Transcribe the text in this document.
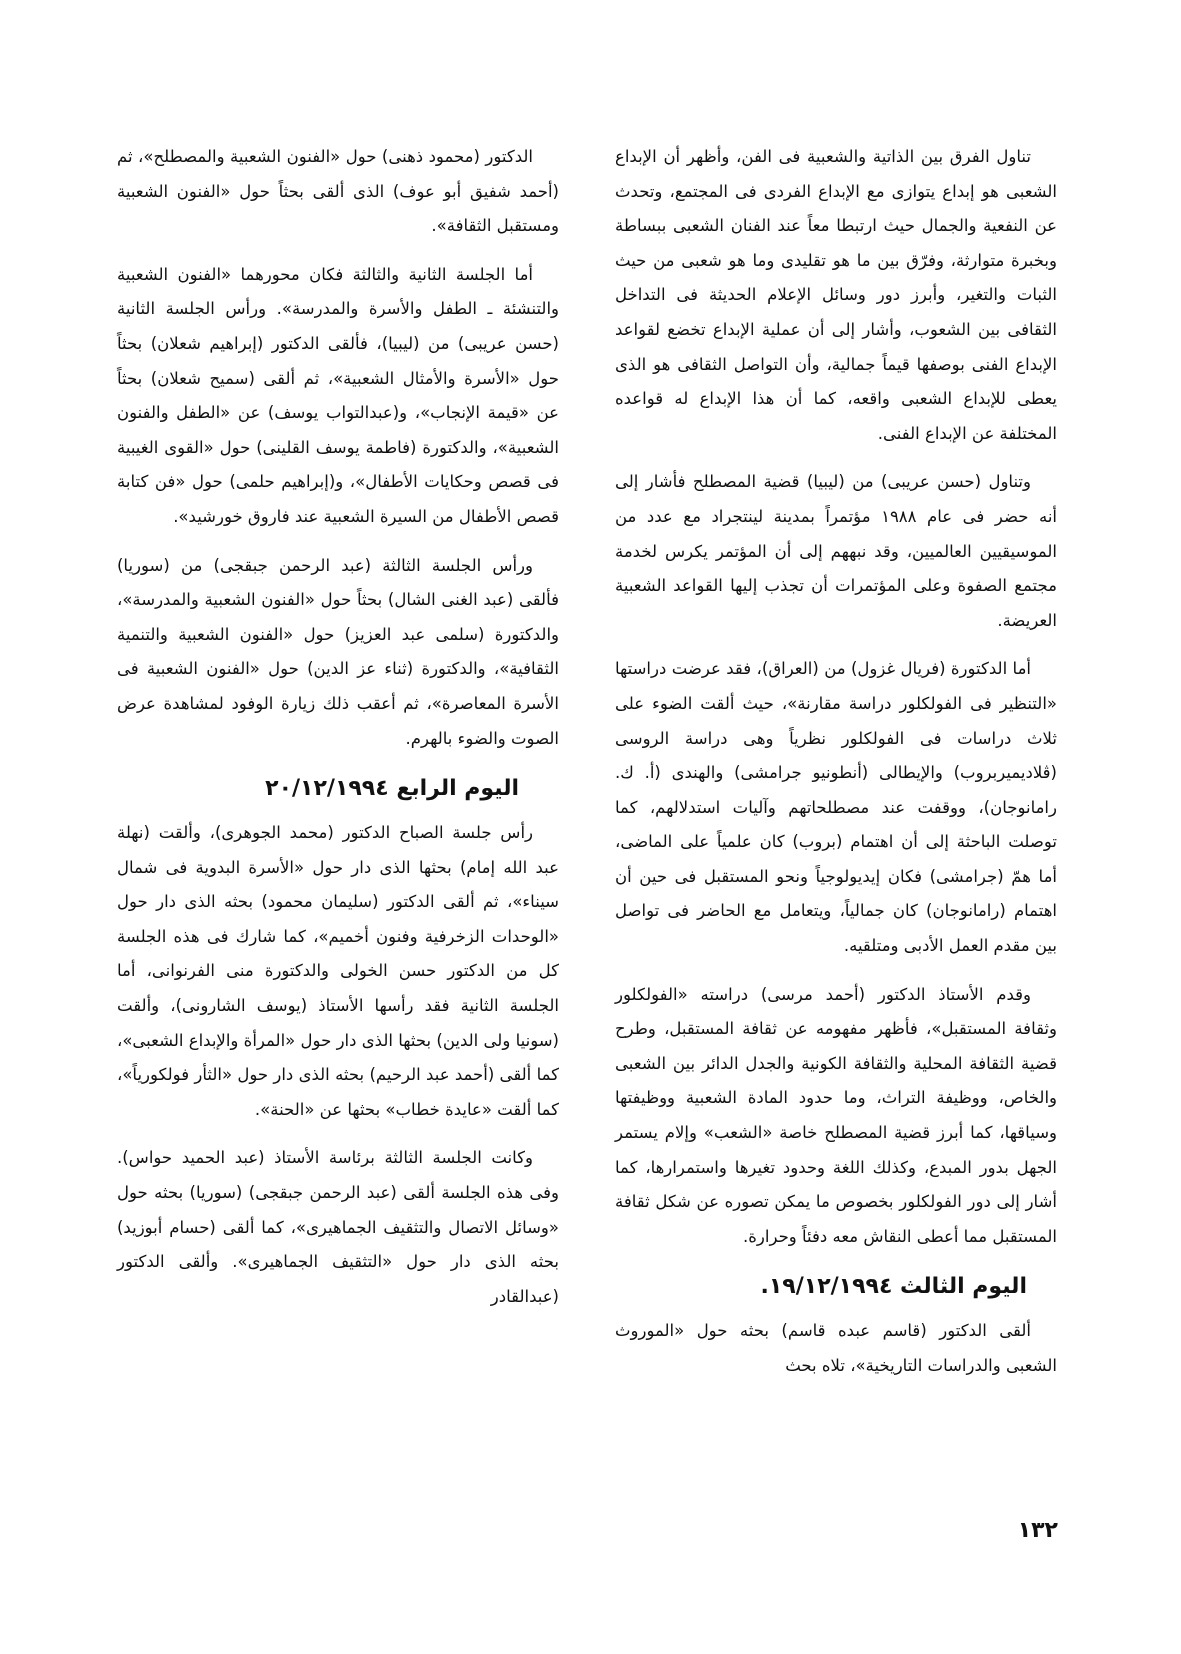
تناول الفرق بين الذاتية والشعبية فى الفن، وأظهر أن الإبداع الشعبى هو إبداع يتوازى مع الإبداع الفردى فى المجتمع، وتحدث عن النفعية والجمال حيث ارتبطا معاً عند الفنان الشعبى ببساطة وبخبرة متوارثة، وفرّق بين ما هو تقليدى وما هو شعبى من حيث الثبات والتغير، وأبرز دور وسائل الإعلام الحديثة فى التداخل الثقافى بين الشعوب، وأشار إلى أن عملية الإبداع تخضع لقواعد الإبداع الفنى بوصفها قيماً جمالية، وأن التواصل الثقافى هو الذى يعطى للإبداع الشعبى واقعه، كما أن هذا الإبداع له قواعده المختلفة عن الإبداع الفنى.

وتناول (حسن عريبى) من (ليبيا) قضية المصطلح فأشار إلى أنه حضر فى عام ١٩٨٨ مؤتمراً بمدينة لينتجراد مع عدد من الموسيقيين العالميين، وقد نبههم إلى أن المؤتمر يكرس لخدمة مجتمع الصفوة وعلى المؤتمرات أن تجذب إليها القواعد الشعبية العريضة.

أما الدكتورة (فريال غزول) من (العراق)، فقد عرضت دراستها «التنظير فى الفولكلور دراسة مقارنة»، حيث ألقت الضوء على ثلاث دراسات فى الفولكلور نظرياً وهى دراسة الروسى (ڤلاديميربروب) والإيطالى (أنطونيو جرامشى) والهندى (أ. ك. رامانوجان)، ووقفت عند مصطلحاتهم وآليات استدلالهم، كما توصلت الباحثة إلى أن اهتمام (بروب) كان علمياً على الماضى، أما همّ (جرامشى) فكان إيديولوجياً ونحو المستقبل فى حين أن اهتمام (رامانوجان) كان جمالياً، ويتعامل مع الحاضر فى تواصل بين مقدم العمل الأدبى ومتلقيه.

وقدم الأستاذ الدكتور (أحمد مرسى) دراسته «الفولكلور وثقافة المستقبل»، فأظهر مفهومه عن ثقافة المستقبل، وطرح قضية الثقافة المحلية والثقافة الكونية والجدل الدائر بين الشعبى والخاص، ووظيفة التراث، وما حدود المادة الشعبية ووظيفتها وسياقها، كما أبرز قضية المصطلح خاصة «الشعب» وإلام يستمر الجهل بدور المبدع، وكذلك اللغة وحدود تغيرها واستمرارها، كما أشار إلى دور الفولكلور بخصوص ما يمكن تصوره عن شكل ثقافة المستقبل مما أعطى النقاش معه دفئاً وحرارة.

اليوم الثالث ١٩/١٢/١٩٩٤.

ألقى الدكتور (قاسم عبده قاسم) بحثه حول «الموروث الشعبى والدراسات التاريخية»، تلاه بحث

الدكتور (محمود ذهنى) حول «الفنون الشعبية والمصطلح»، ثم (أحمد شفيق أبو عوف) الذى ألقى بحثاً حول «الفنون الشعبية ومستقبل الثقافة».

أما الجلسة الثانية والثالثة فكان محورهما «الفنون الشعبية والتنشئة ـ الطفل والأسرة والمدرسة». ورأس الجلسة الثانية (حسن عريبى) من (ليبيا)، فألقى الدكتور (إبراهيم شعلان) بحثاً حول «الأسرة والأمثال الشعبية»، ثم ألقى (سميح شعلان) بحثاً عن «قيمة الإنجاب»، و(عبدالتواب يوسف) عن «الطفل والفنون الشعبية»، والدكتورة (فاطمة يوسف القلينى) حول «القوى الغيبية فى قصص وحكايات الأطفال»، و(إبراهيم حلمى) حول «فن كتابة قصص الأطفال من السيرة الشعبية عند فاروق خورشيد».

ورأس الجلسة الثالثة (عبد الرحمن جبقجى) من (سوريا) فألقى (عبد الغنى الشال) بحثاً حول «الفنون الشعبية والمدرسة»، والدكتورة (سلمى عبد العزيز) حول «الفنون الشعبية والتنمية الثقافية»، والدكتورة (ثناء عز الدين) حول «الفنون الشعبية فى الأسرة المعاصرة»، ثم أعقب ذلك زيارة الوفود لمشاهدة عرض الصوت والضوء بالهرم.

اليوم الرابع ٢٠/١٢/١٩٩٤

رأس جلسة الصباح الدكتور (محمد الجوهرى)، وألقت (نهلة عبد الله إمام) بحثها الذى دار حول «الأسرة البدوية فى شمال سيناء»، ثم ألقى الدكتور (سليمان محمود) بحثه الذى دار حول «الوحدات الزخرفية وفنون أخميم»، كما شارك فى هذه الجلسة كل من الدكتور حسن الخولى والدكتورة منى الفرنوانى، أما الجلسة الثانية فقد رأسها الأستاذ (يوسف الشارونى)، وألقت (سونيا ولى الدين) بحثها الذى دار حول «المرأة والإبداع الشعبى»، كما ألقى (أحمد عبد الرحيم) بحثه الذى دار حول «الثأر فولكورياً»، كما ألقت «عايدة خطاب» بحثها عن «الحنة».

وكانت الجلسة الثالثة برئاسة الأستاذ (عبد الحميد حواس). وفى هذه الجلسة ألقى (عبد الرحمن جبقجى) (سوريا) بحثه حول «وسائل الاتصال والتثقيف الجماهيرى»، كما ألقى (حسام أبوزيد) بحثه الذى دار حول «التثقيف الجماهيرى». وألقى الدكتور (عبدالقادر

١٣٢
